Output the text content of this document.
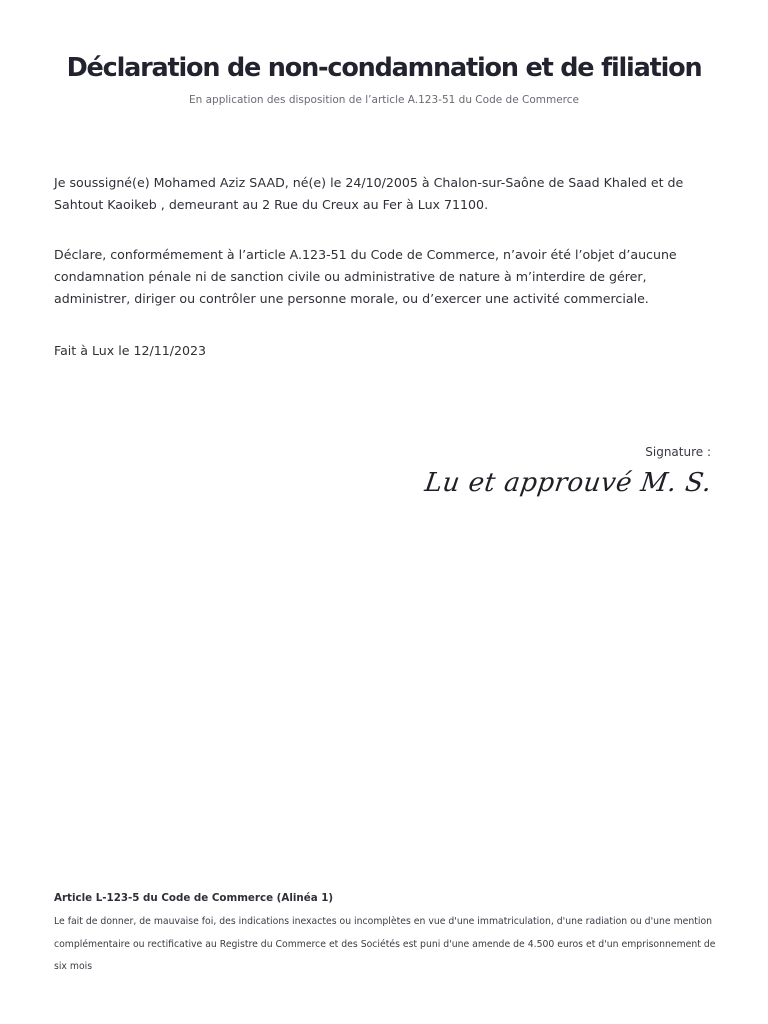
Déclaration de non-condamnation et de filiation

En application des disposition de l’article A.123-51 du Code de Commerce

Je soussigné(e) Mohamed Aziz SAAD, né(e) le 24/10/2005 à Chalon-sur-Saône de Saad Khaled et de Sahtout Kaoikeb , demeurant au 2 Rue du Creux au Fer à Lux 71100.

Déclare, conformémement à l’article A.123-51 du Code de Commerce, n’avoir été l’objet d’aucune condamnation pénale ni de sanction civile ou administrative de nature à m’interdire de gérer, administrer, diriger ou contrôler une personne morale, ou d’exercer une activité commerciale.

Fait à Lux le 12/11/2023

Signature :

Lu et approuvé M. S.

Article L-123-5 du Code de Commerce (Alinéa 1)

Le fait de donner, de mauvaise foi, des indications inexactes ou incomplètes en vue d'une immatriculation, d'une radiation ou d'une mention complémentaire ou rectificative au Registre du Commerce et des Sociétés est puni d'une amende de 4.500 euros et d'un emprisonnement de six mois
